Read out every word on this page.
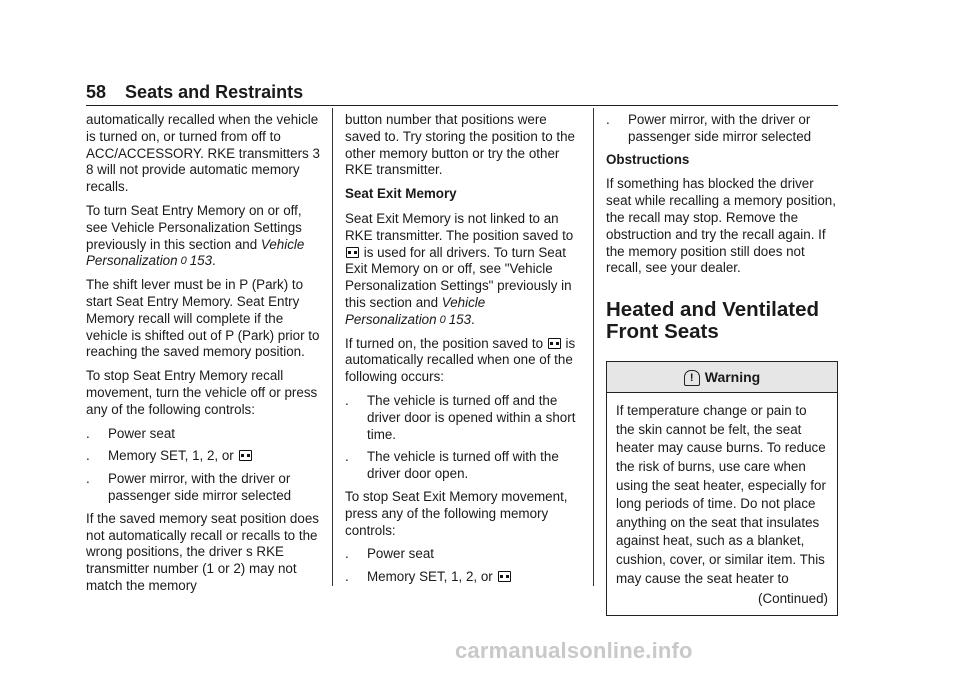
58 Seats and Restraints

automatically recalled when the vehicle is turned on, or turned from off to ACC/ACCESSORY. RKE transmitters 3 8 will not provide automatic memory recalls.

To turn Seat Entry Memory on or off, see Vehicle Personalization Settings previously in this section and Vehicle Personalization 0 153.

The shift lever must be in P (Park) to start Seat Entry Memory. Seat Entry Memory recall will complete if the vehicle is shifted out of P (Park) prior to reaching the saved memory position.

To stop Seat Entry Memory recall movement, turn the vehicle off or press any of the following controls:

.	Power seat
.	Memory SET, 1, 2, or
.	Power mirror, with the driver or passenger side mirror selected

If the saved memory seat position does not automatically recall or recalls to the wrong positions, the driver s RKE transmitter number (1 or 2) may not match the memory

button number that positions were saved to. Try storing the position to the other memory button or try the other RKE transmitter.

Seat Exit Memory

Seat Exit Memory is not linked to an RKE transmitter. The position saved to  is used for all drivers. To turn Seat Exit Memory on or off, see "Vehicle Personalization Settings" previously in this section and Vehicle Personalization 0 153.

If turned on, the position saved to  is automatically recalled when one of the following occurs:

.	The vehicle is turned off and the driver door is opened within a short time.
.	The vehicle is turned off with the driver door open.

To stop Seat Exit Memory movement, press any of the following memory controls:

.	Power seat
.	Memory SET, 1, 2, or
.	Power mirror, with the driver or passenger side mirror selected
Obstructions

If something has blocked the driver seat while recalling a memory position, the recall may stop. Remove the obstruction and try the recall again. If the memory position still does not recall, see your dealer.

Heated and Ventilated
Front Seats
! Warning
If temperature change or pain to the skin cannot be felt, the seat heater may cause burns. To reduce the risk of burns, use care when using the seat heater, especially for long periods of time. Do not place anything on the seat that insulates against heat, such as a blanket, cushion, cover, or similar item. This may cause the seat heater to
(Continued)
carmanualsonline.info
